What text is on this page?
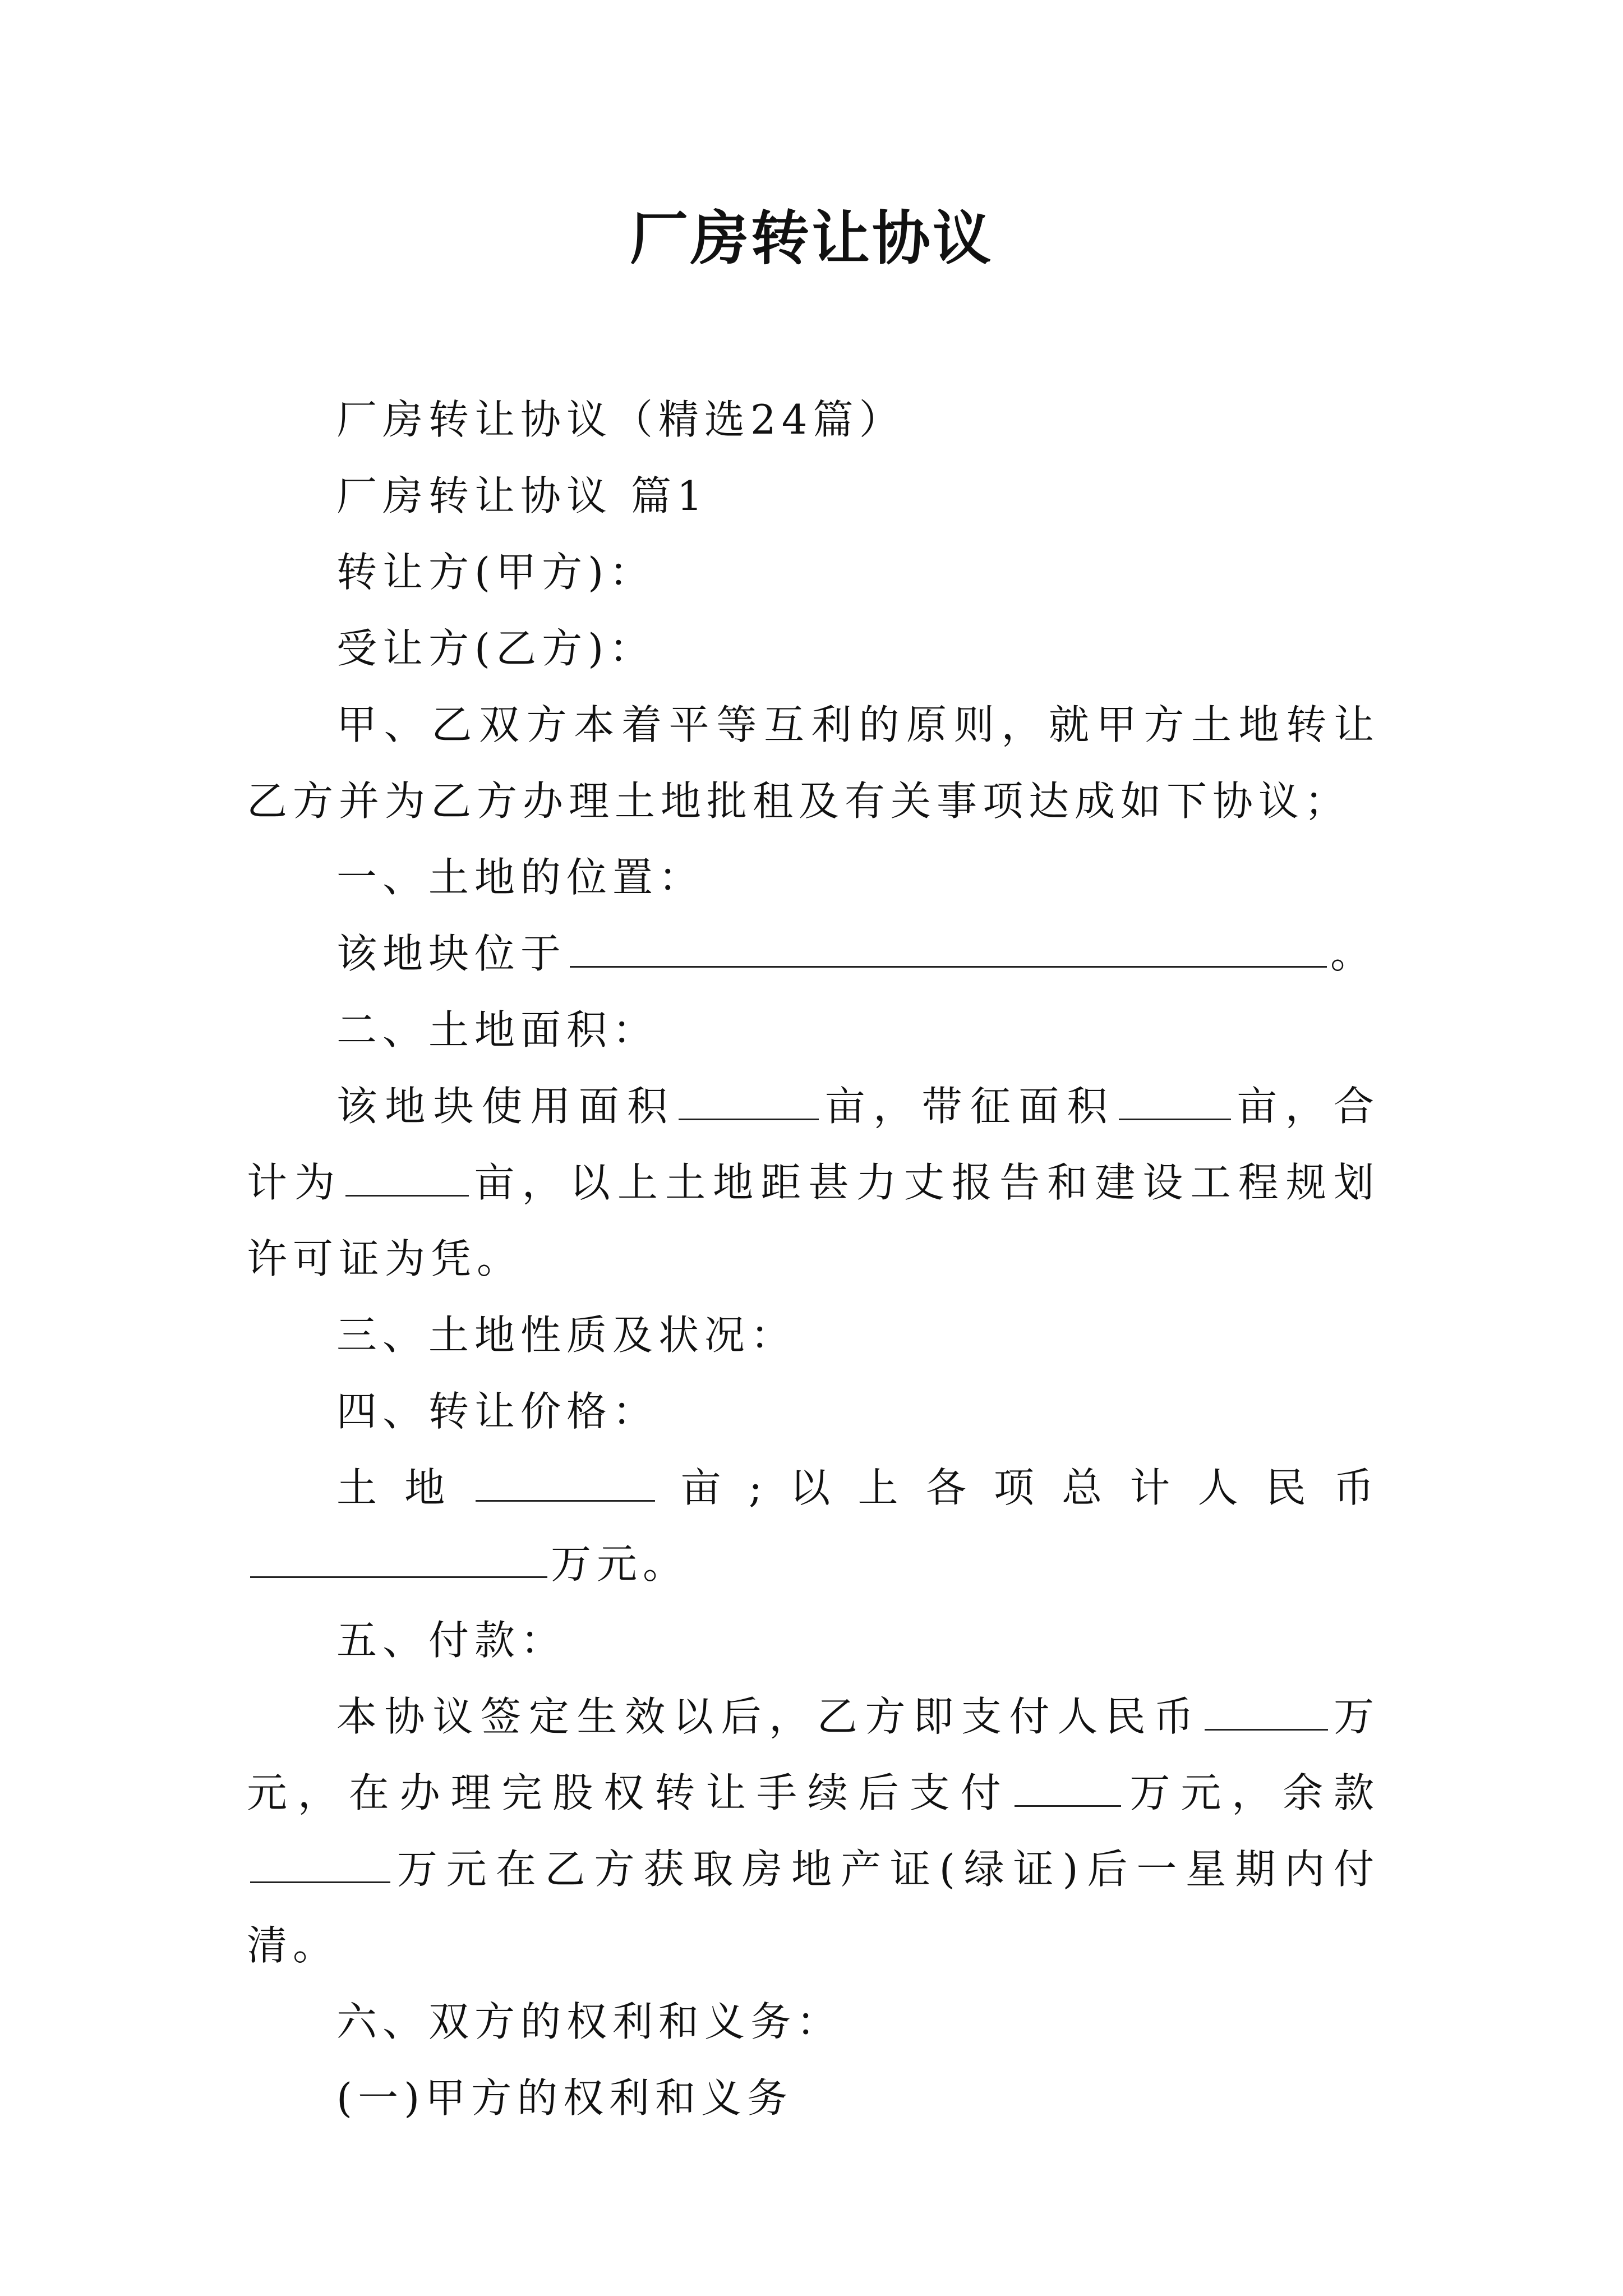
厂房转让协议

厂房转让协议（精选24篇）

厂房转让协议 篇1

转让方(甲方)：

受让方(乙方)：

甲、乙双方本着平等互利的原则，就甲方土地转让乙方并为乙方办理土地批租及有关事项达成如下协议；

一、土地的位置：

该地块位于	。

二、土地面积：

该地块使用面积	亩，带征面积	亩，合计为	亩，以上土地距甚力丈报告和建设工程规划许可证为凭。

三、土地性质及状况：

四、转让价格：

土地	亩;以上各项总计人民币万元。

五、付款：

本协议签定生效以后，乙方即支付人民币	万元，在办理完股权转让手续后支付	万元，余款万元在乙方获取房地产证(绿证)后一星期内付清。

六、双方的权利和义务：

(一)甲方的权利和义务
